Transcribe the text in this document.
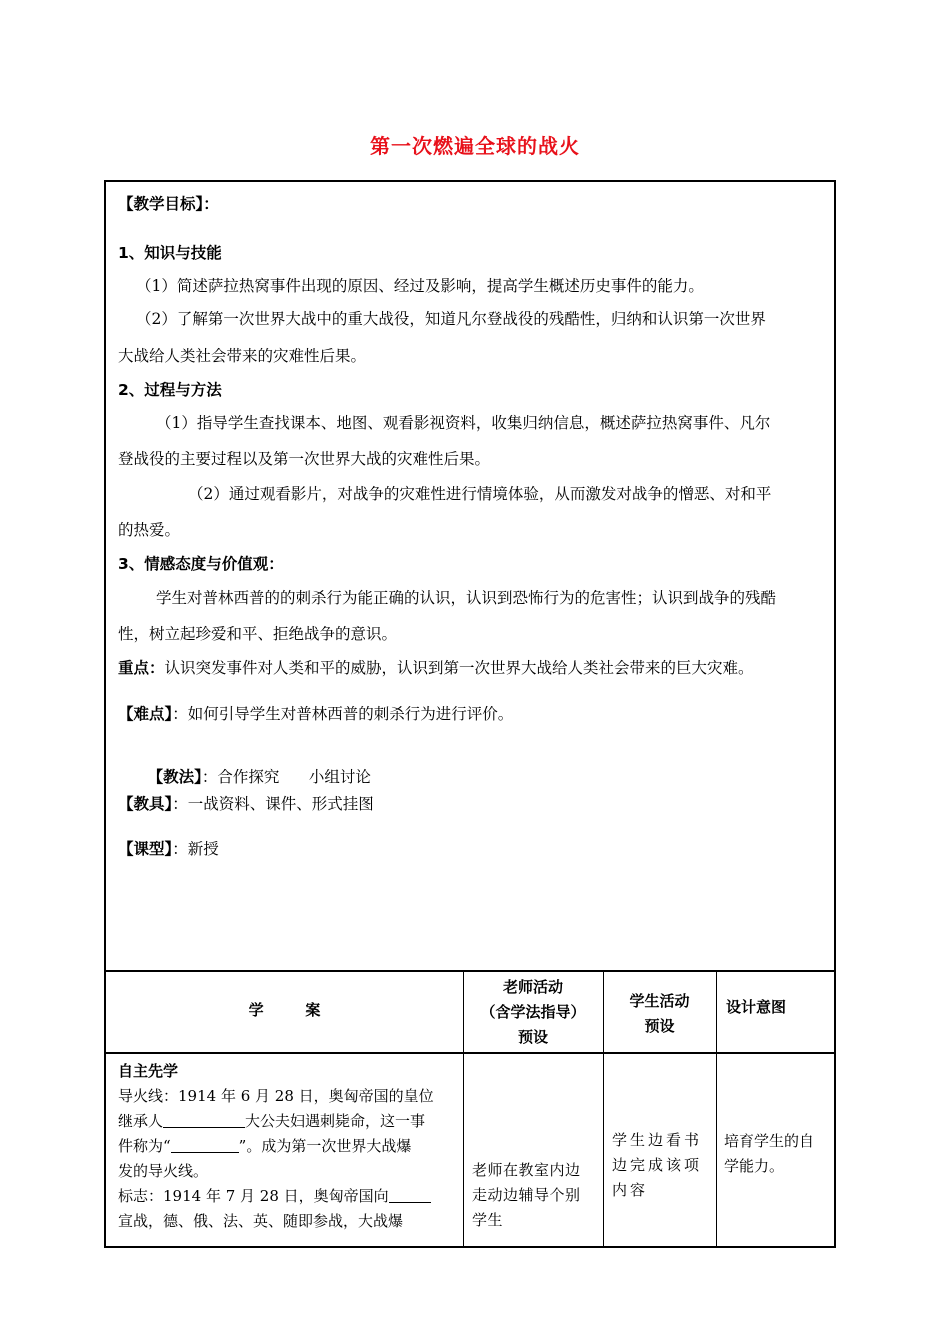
第一次燃遍全球的战火
【教学目标】：
1、知识与技能
（1）简述萨拉热窝事件出现的原因、经过及影响，提高学生概述历史事件的能力。
（2）了解第一次世界大战中的重大战役，知道凡尔登战役的残酷性，归纳和认识第一次世界
大战给人类社会带来的灾难性后果。
2、过程与方法
（1）指导学生查找课本、地图、观看影视资料，收集归纳信息，概述萨拉热窝事件、凡尔
登战役的主要过程以及第一次世界大战的灾难性后果。
（2）通过观看影片，对战争的灾难性进行情境体验，从而激发对战争的憎恶、对和平
的热爱。
3、情感态度与价值观：
学生对普林西普的的刺杀行为能正确的认识，认识到恐怖行为的危害性；认识到战争的残酷
性，树立起珍爱和平、拒绝战争的意识。
重点：认识突发事件对人类和平的威胁，认识到第一次世界大战给人类社会带来的巨大灾难。
【难点】：如何引导学生对普林西普的刺杀行为进行评价。

【教法】：合作探究      小组讨论

【教具】：一战资料、课件、形式挂图
【课型】：新授
学        案
老师活动
（含学法指导）
预设
学生活动
预设
设计意图
自主先学
导火线：1914 年 6 月 28 日，奥匈帝国的皇位
继承人	大公夫妇遇刺毙命，这一事
件称为“	”。成为第一次世界大战爆
发的导火线。
标志：1914 年 7 月 28 日，奥匈帝国向
宣战，德、俄、法、英、随即参战，大战爆
老师在教室内边
走动边辅导个别
学生
学生边看书
边完成该项
内容
培育学生的自
学能力。
